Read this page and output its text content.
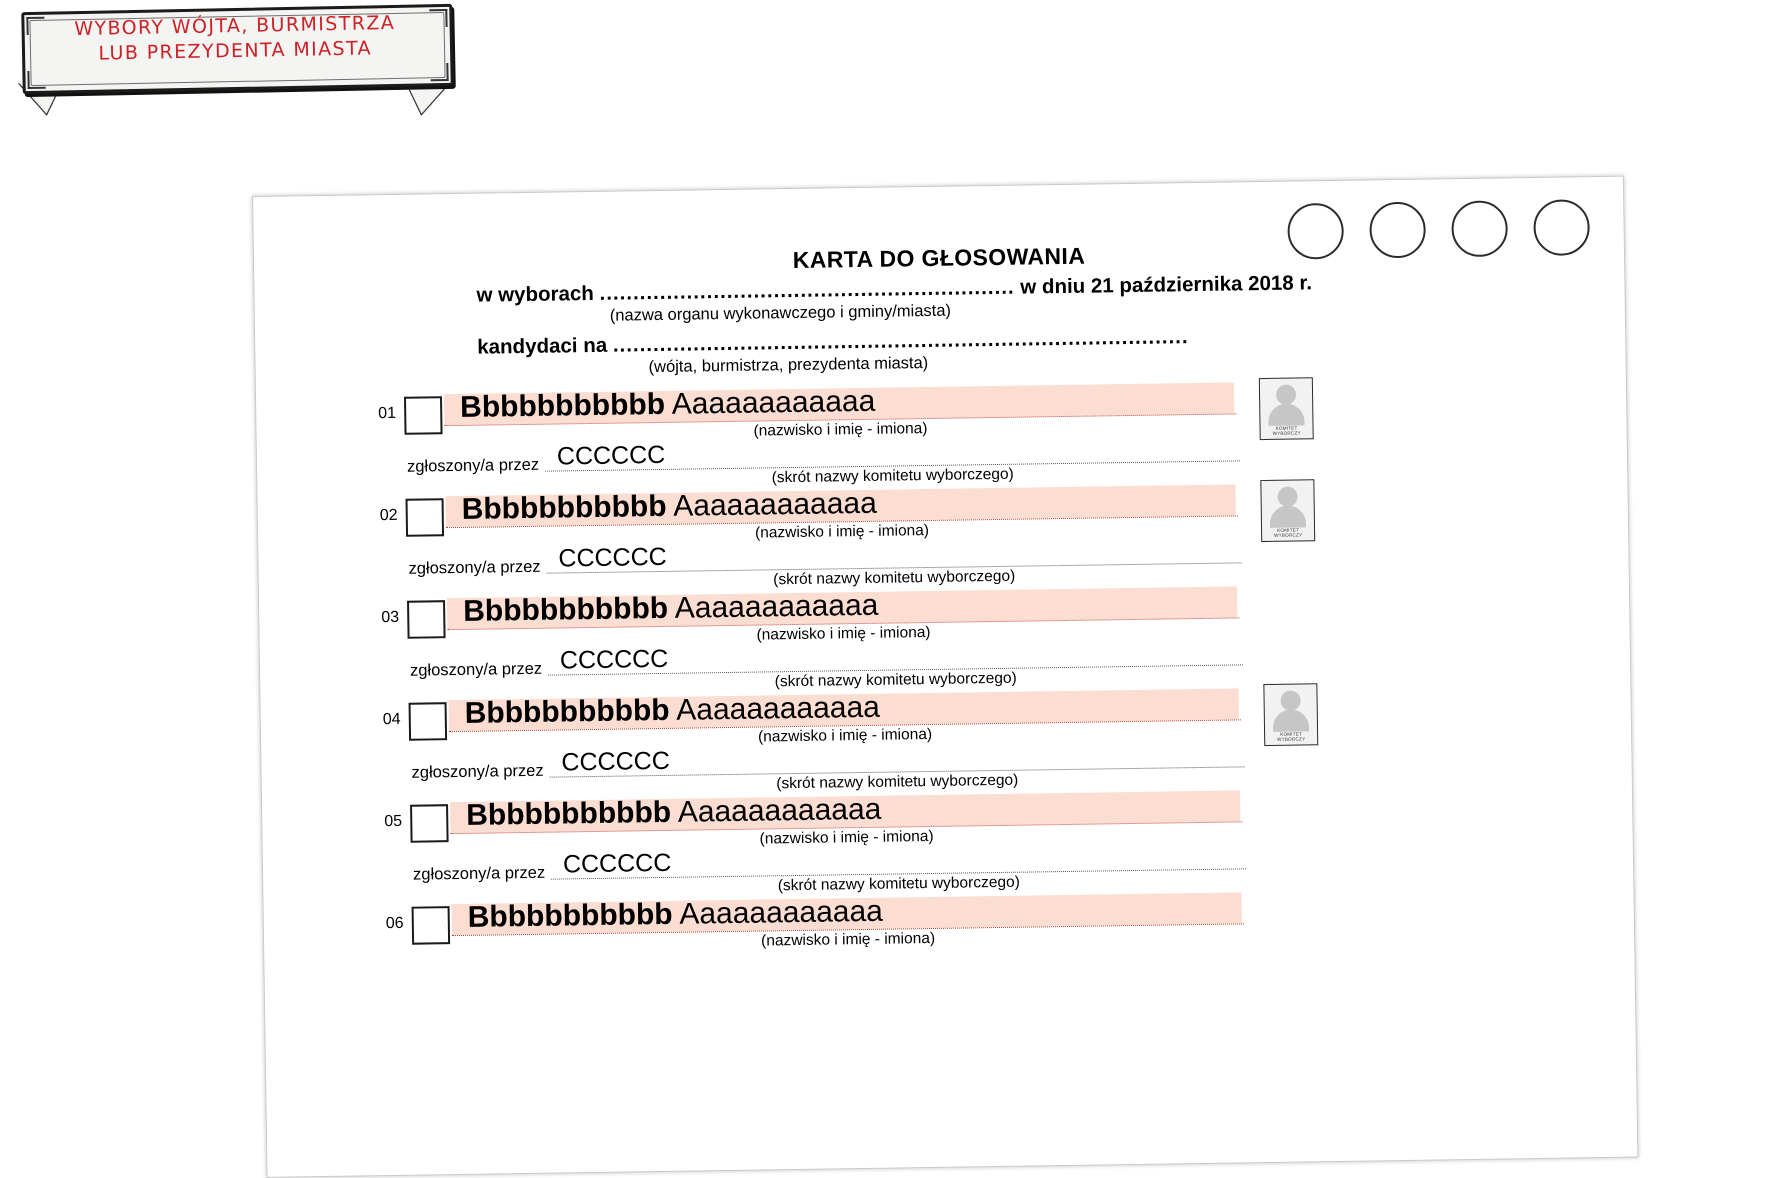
WYBORY WÓJTA, BURMISTRZA
LUB PREZYDENTA MIASTA
KARTA DO GŁOSOWANIA
w wyborach .............................................................. w dniu 21 października 2018 r.
(nazwa organu wykonawczego i gminy/miasta)
kandydaci na ......................................................................................
(wójta, burmistrza, prezydenta miasta)
01 Bbbbbbbbbbb Aaaaaaaaaaaa
(nazwisko i imię - imiona)
zgłoszony/a przez CCCCCC
(skrót nazwy komitetu wyborczego)
KOMITET
WYBORCZY
02 Bbbbbbbbbbb Aaaaaaaaaaaa
(nazwisko i imię - imiona)
zgłoszony/a przez CCCCCC
(skrót nazwy komitetu wyborczego)
KOMITET
WYBORCZY
03 Bbbbbbbbbbb Aaaaaaaaaaaa
(nazwisko i imię - imiona)
zgłoszony/a przez CCCCCC
(skrót nazwy komitetu wyborczego)
04 Bbbbbbbbbbb Aaaaaaaaaaaa
(nazwisko i imię - imiona)
zgłoszony/a przez CCCCCC
(skrót nazwy komitetu wyborczego)
KOMITET
WYBORCZY
05 Bbbbbbbbbbb Aaaaaaaaaaaa
(nazwisko i imię - imiona)
zgłoszony/a przez CCCCCC
(skrót nazwy komitetu wyborczego)
06 Bbbbbbbbbbb Aaaaaaaaaaaa
(nazwisko i imię - imiona)
